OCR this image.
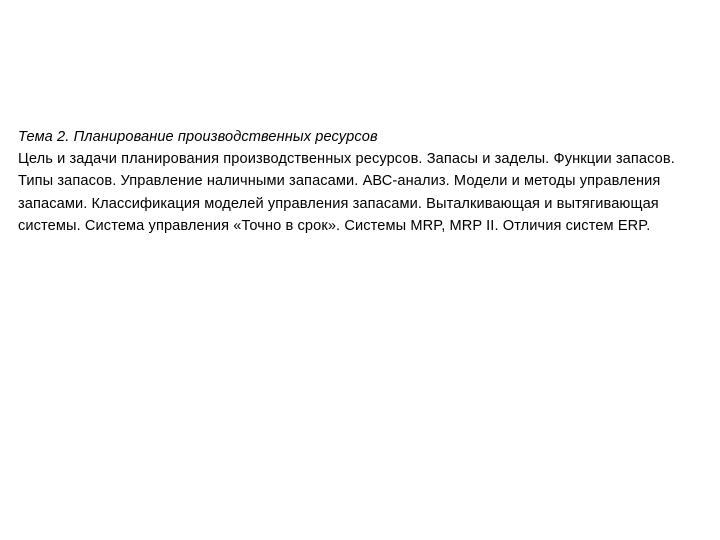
Тема 2. Планирование производственных ресурсов
Цель и задачи планирования производственных ресурсов. Запасы и заделы. Функции запасов. Типы запасов. Управление наличными запасами. АВС-анализ. Модели и методы управления запасами. Классификация моделей управления запасами. Выталкивающая и вытягивающая системы. Система управления «Точно в срок». Системы MRP, MRP II. Отличия систем ERP.
